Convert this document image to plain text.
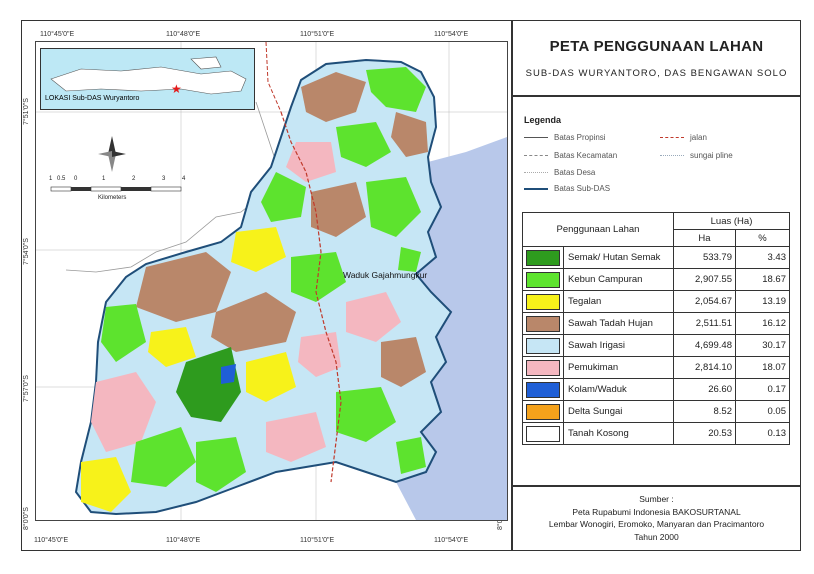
110°45'0"E	110°48'0"E	110°51'0"E	110°54'0"E
110°45'0"E	110°48'0"E	110°51'0"E	110°54'0"E
7°51'0"S
7°54'0"S
7°57'0"S
8°0'0"S
Waduk Gajahmungkur
★
LOKASI Sub-DAS Wuryantoro
1 0.5 0	1	2	3	4
Kilometers
PETA PENGGUNAAN LAHAN
SUB-DAS WURYANTORO, DAS BENGAWAN SOLO
Legenda
Batas Propinsi	jalan
Batas Kecamatan	sungai pline
Batas Desa
Batas Sub-DAS
Penggunaan Lahan		Luas (Ha)	
		Ha	%
	Semak/ Hutan Semak	533.79	3.43
	Kebun Campuran	2,907.55	18.67
	Tegalan	2,054.67	13.19
	Sawah Tadah Hujan	2,511.51	16.12
	Sawah Irigasi	4,699.48	30.17
	Pemukiman	2,814.10	18.07
	Kolam/Waduk	26.60	0.17
	Delta Sungai	8.52	0.05
	Tanah Kosong	20.53	0.13
Sumber :
Peta Rupabumi Indonesia BAKOSURTANAL
Lembar Wonogiri, Eromoko, Manyaran dan Pracimantoro
Tahun 2000
